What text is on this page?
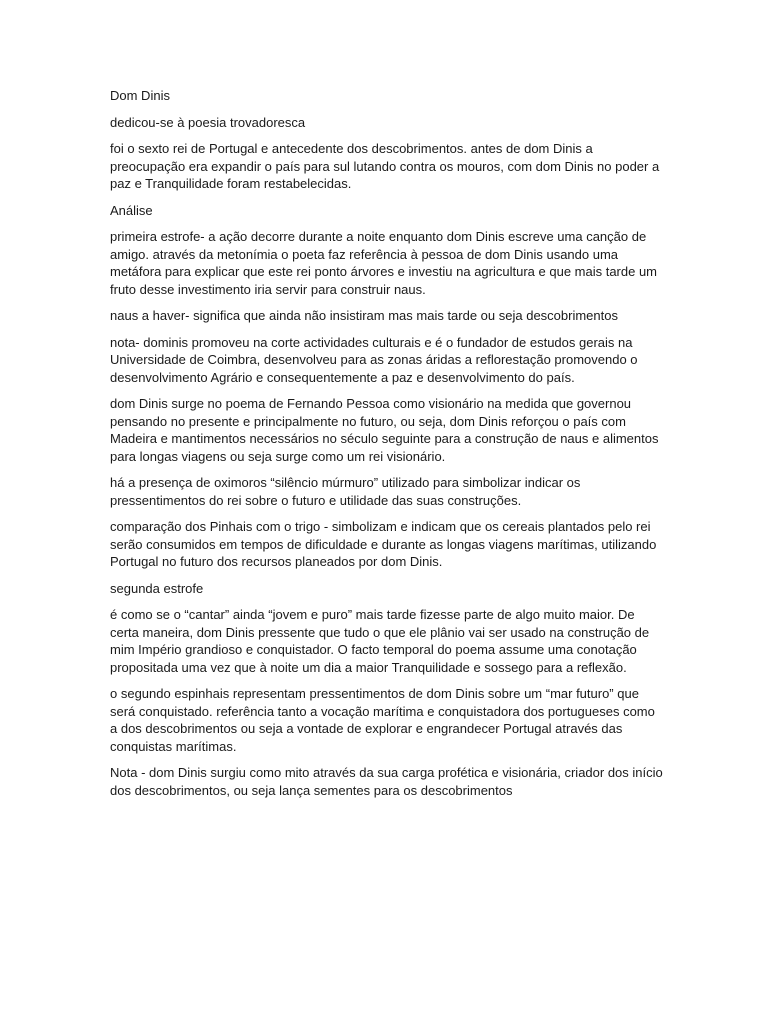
Dom Dinis

dedicou-se à poesia trovadoresca

foi o sexto rei de Portugal e antecedente dos descobrimentos. antes de dom Dinis a preocupação era expandir o país para sul lutando contra os mouros, com dom Dinis no poder a paz e Tranquilidade foram restabelecidas.

Análise

primeira estrofe- a ação decorre durante a noite enquanto dom Dinis escreve uma canção de amigo. através da metonímia o poeta faz referência à pessoa de dom Dinis usando uma metáfora para explicar que este rei ponto árvores e investiu na agricultura e que mais tarde um fruto desse investimento iria servir para construir naus.

naus a haver- significa que ainda não insistiram mas mais tarde ou seja descobrimentos

nota- dominis promoveu na corte actividades culturais e é o fundador de estudos gerais na Universidade de Coimbra, desenvolveu para as zonas áridas a reflorestação promovendo o desenvolvimento Agrário e consequentemente a paz e desenvolvimento do país.

dom Dinis surge no poema de Fernando Pessoa como visionário na medida que governou pensando no presente e principalmente no futuro, ou seja, dom Dinis reforçou o país com Madeira e mantimentos necessários no século seguinte para a construção de naus e alimentos para longas viagens ou seja surge como um rei visionário.

há a presença de oximoros “silêncio múrmuro” utilizado para simbolizar indicar os pressentimentos do rei sobre o futuro e utilidade das suas construções.

comparação dos Pinhais com o trigo - simbolizam e indicam que os cereais plantados pelo rei serão consumidos em tempos de dificuldade e durante as longas viagens marítimas, utilizando Portugal no futuro dos recursos planeados por dom Dinis.

segunda estrofe

é como se o “cantar” ainda “jovem e puro” mais tarde fizesse parte de algo muito maior. De certa maneira, dom Dinis pressente que tudo o que ele plânio vai ser usado na construção de mim Império grandioso e conquistador. O facto temporal do poema assume uma conotação propositada uma vez que à noite um dia a maior Tranquilidade e sossego para a reflexão.

o segundo espinhais representam pressentimentos de dom Dinis sobre um “mar futuro” que será conquistado. referência tanto a vocação marítima e conquistadora dos portugueses como a dos descobrimentos ou seja a vontade de explorar e engrandecer Portugal através das conquistas marítimas.

Nota - dom Dinis surgiu como mito através da sua carga profética e visionária, criador dos início dos descobrimentos, ou seja lança sementes para os descobrimentos
